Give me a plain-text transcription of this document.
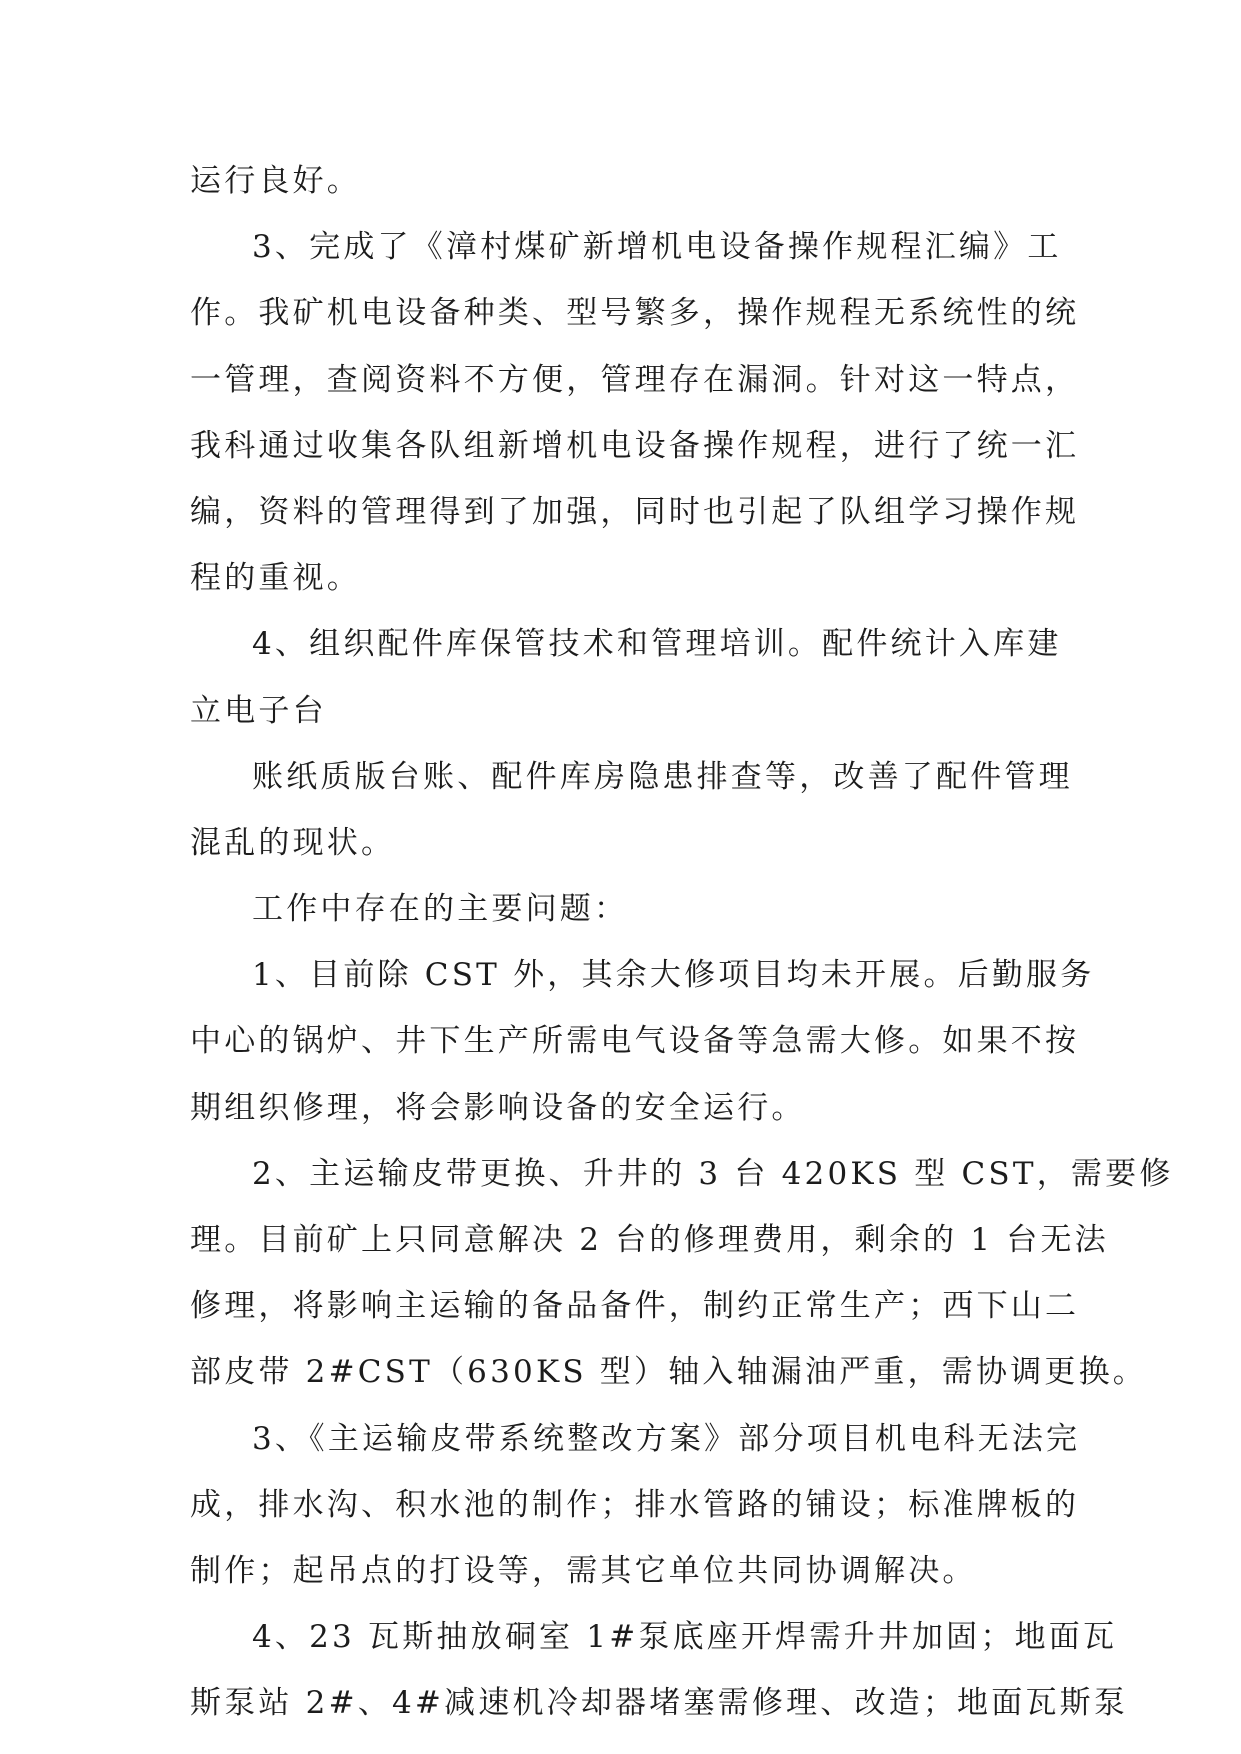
运行良好。
3、完成了《漳村煤矿新增机电设备操作规程汇编》工
作。我矿机电设备种类、型号繁多，操作规程无系统性的统
一管理，查阅资料不方便，管理存在漏洞。针对这一特点，
我科通过收集各队组新增机电设备操作规程，进行了统一汇
编，资料的管理得到了加强，同时也引起了队组学习操作规
程的重视。
4、组织配件库保管技术和管理培训。配件统计入库建
立电子台
账纸质版台账、配件库房隐患排查等，改善了配件管理
混乱的现状。
工作中存在的主要问题：
1、目前除 CST 外，其余大修项目均未开展。后勤服务
中心的锅炉、井下生产所需电气设备等急需大修。如果不按
期组织修理，将会影响设备的安全运行。
2、主运输皮带更换、升井的 3 台 420KS 型 CST，需要修
理。目前矿上只同意解决 2 台的修理费用，剩余的 1 台无法
修理，将影响主运输的备品备件，制约正常生产；西下山二
部皮带 2#CST（630KS 型）轴入轴漏油严重，需协调更换。
3、《主运输皮带系统整改方案》部分项目机电科无法完
成，排水沟、积水池的制作；排水管路的铺设；标准牌板的
制作；起吊点的打设等，需其它单位共同协调解决。
4、23 瓦斯抽放硐室 1#泵底座开焊需升井加固；地面瓦
斯泵站 2#、4#减速机冷却器堵塞需修理、改造；地面瓦斯泵
